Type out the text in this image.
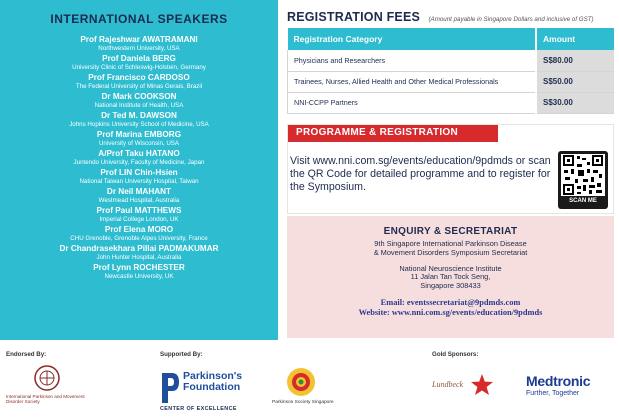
INTERNATIONAL SPEAKERS
Prof Rajeshwar AWATRAMANI
Northwestern University, USA
Prof Daniela BERG
University Clinic of Schleswig-Holstein, Germany
Prof Francisco CARDOSO
The Federal University of Minas Gerais, Brazil
Dr Mark COOKSON
National Institute of Health, USA
Dr Ted M. DAWSON
Johns Hopkins University School of Medicine, USA
Prof Marina EMBORG
University of Wisconsin, USA
A/Prof Taku HATANO
Juntendo University, Faculty of Medicine, Japan
Prof LIN Chin-Hsien
National Taiwan University Hospital, Taiwan
Dr Neil MAHANT
Westmead Hospital, Australia
Prof Paul MATTHEWS
Imperial College London, UK
Prof Elena MORO
CHU Grenoble, Grenoble Alpes University, France
Dr Chandrasekhara Pillai PADMAKUMAR
John Hunter Hospital, Australia
Prof Lynn ROCHESTER
Newcastle University, UK
REGISTRATION FEES (Amount payable in Singapore Dollars and inclusive of GST)
Registration Category	Amount
Physicians and Researchers	S$80.00
Trainees, Nurses, Allied Health and Other Medical Professionals	S$50.00
NNI-CCPP Partners	S$30.00
PROGRAMME & REGISTRATION

Visit www.nni.com.sg/events/education/9pdmds or scan the QR Code for detailed programme and to register for the Symposium.

SCAN ME
ENQUIRY & SECRETARIAT
9th Singapore International Parkinson Disease
& Movement Disorders Symposium Secretariat
National Neuroscience Institute
11 Jalan Tan Tock Seng,
Singapore 308433
Email: eventssecretariat@9pdmds.com
Website: www.nni.com.sg/events/education/9pdmds
Endorsed By:
International Parkinson and Movement Disorder Society
Supported By:
Parkinson's
Foundation
CENTER OF EXCELLENCE
Parkinson Society Singapore
Gold Sponsors:
Lundbeck	Medtronic
Further, Together
